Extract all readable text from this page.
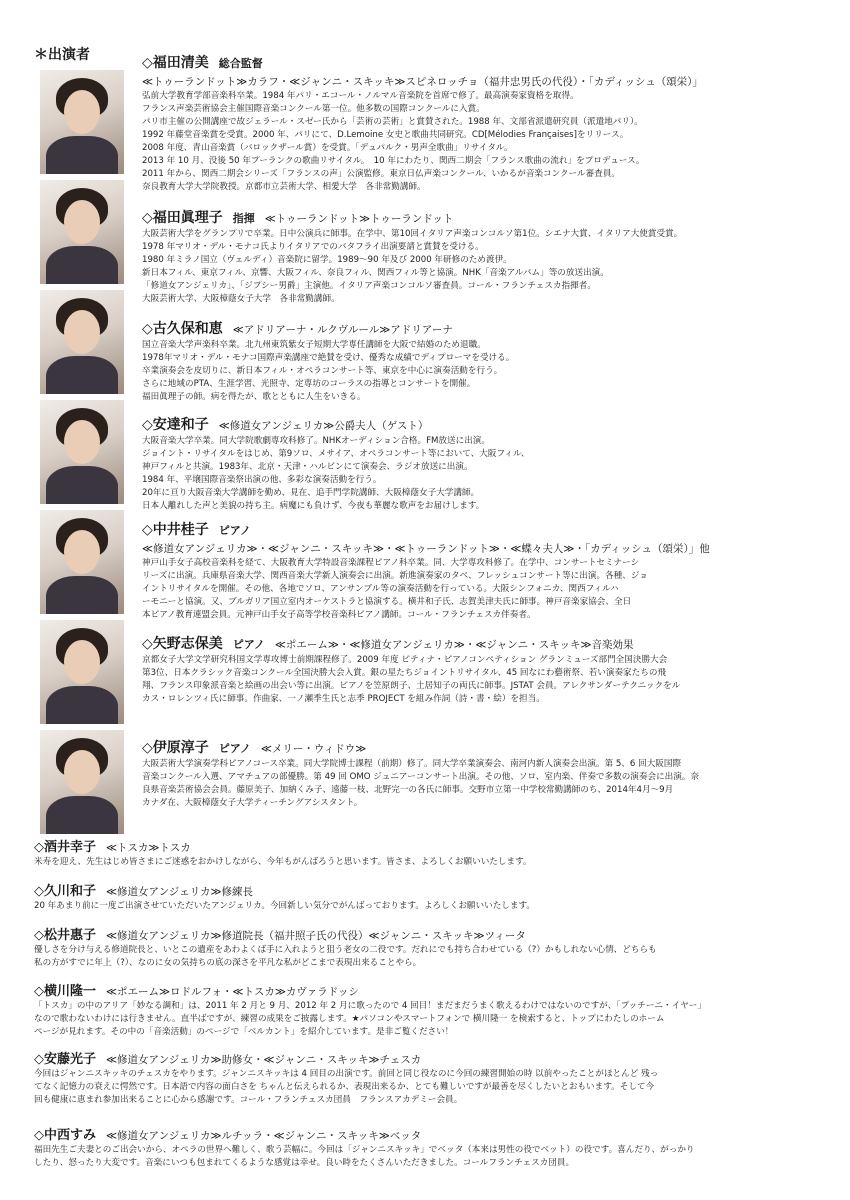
＊出演者	◇福田清美 総合監督
≪トゥーランドット≫カラフ・≪ジャンニ・スキッキ≫スピネロッチョ（福井忠男氏の代役）・「カディッシュ（頌栄）」
弘前大学教育学部音楽科卒業。1984 年パリ・エコール・ノルマル音楽院を首席で修了。最高演奏家資格を取得。
フランス声楽芸術協会主催国際音楽コンクール第一位。他多数の国際コンクールに入賞。
パリ市主催の公開講座で故ジェラール・スゼー氏から「芸術の芸術」と賞賛された。1988 年、文部省派遣研究員（派遣地パリ）。
1992 年藤堂音楽賞を受賞。2000 年、パリにて、D.Lemoine 女史と歌曲共同研究。CD[Mélodies Françaises]をリリース。
2008 年度、青山音楽賞（バロックザール賞）を受賞。「デュパルク・男声全歌曲」リサイタル。
2013 年 10 月、没後 50 年プーランクの歌曲リサイタル。　10 年にわたり、関西二期会「フランス歌曲の流れ」をプロデュース。
2011 年から、関西二期会シリーズ「フランスの声」公演監修。東京日仏声楽コンクール、いかるが音楽コンクール審査員。
奈良教育大学大学院教授。京都市立芸術大学、相愛大学　各非常勤講師。
◇福田眞理子 指揮 ≪トゥーランドット≫トゥーランドット
大阪芸術大学をグランプリで卒業。日中公演兵に師事。在学中、第10回イタリア声楽コンコルソ第1位。シエナ大賞、イタリア大使賞受賞。
1978 年マリオ・デル・モナコ氏よりイタリアでのバタフライ出演要請と賞賛を受ける。
1980 年ミラノ国立（ヴェルディ）音楽院に留学。1989～90 年及び 2000 年研修のため渡伊。
新日本フィル、東京フィル、京響、大阪フィル、奈良フィル、関西フィル等と協演。NHK「音楽アルバム」等の放送出演。
「修道女アンジェリカ」、「ジプシー男爵」主演他。イタリア声楽コンコルソ審査員。コール・フランチェスカ指揮者。
大阪芸術大学、大阪樟蔭女子大学　各非常勤講師。
◇古久保和恵 ≪アドリアーナ・ルクヴルール≫アドリアーナ
国立音楽大学声楽科卒業。北九州東筑紫女子短期大学専任講師を大阪で結婚のため退職。
1978年マリオ・デル・モナコ国際声楽講座で絶賛を受け、優秀な成績でディプローマを受ける。
卒業演奏会を皮切りに、新日本フィル・オペラコンサート等、東京を中心に演奏活動を行う。
さらに地域のPTA、生涯学習、光照寺、定専坊のコーラスの指導とコンサートを開催。
福田眞理子の師。病を得たが、歌とともに人生をいきる。
◇安達和子 ≪修道女アンジェリカ≫公爵夫人（ゲスト）
大阪音楽大学卒業。同大学院歌劇専攻科修了。NHKオーディション合格。FM放送に出演。
ジョイント・リサイタルをはじめ、第9ソロ、メサイア、オペラコンサート等において、大阪フィル、
神戸フィルと共演。1983年、北京・天津・ハルビンにて演奏会、ラジオ放送に出演。
1984 年、平壌国際音楽祭出演の他、多彩な演奏活動を行う。
20年に亘り大阪音楽大学講師を勤め、見在、追手門学院講師、大阪樟蔭女子大学講師。
日本人離れした声と美貌の持ち主。病魔にも負けず、今夜も華麗な歌声をお届けします。
◇中井桂子 ピアノ
≪修道女アンジェリカ≫・≪ジャンニ・スキッキ≫・≪トゥーランドット≫・≪蝶々夫人≫・「カディッシュ（頌栄）」他
神戸山手女子高校音楽科を経て、大阪教育大学特設音楽課程ピアノ科卒業。同、大学専攻科修了。在学中、コンサートセミナーシ
リーズに出演。兵庫県音楽大学、関西音楽大学新人演奏会に出演。新進演奏家のタベ、フレッシュコンサート等に出演。各種、ジョ
イントリサイタルを開催。その他、各地でソロ、アンサンブル等の演奏活動を行っている。大阪シンフォニカ、関西フィルハ
ーモニーと協演。又、ブルガリア国立室内オーケストラと協演する。横井和子氏、志賀美津夫氏に師事。神戸音楽家協会、全日
本ピアノ教育連盟会員。元神戸山手女子高等学校音楽科ピアノ講師。コール・フランチェスカ伴奏者。
◇矢野志保美 ピアノ ≪ポエーム≫・≪修道女アンジェリカ≫・≪ジャンニ・スキッキ≫音楽効果
京都女子大学文学研究科国文学専攻博士前期課程修了。2009 年度 ピティナ・ピアノコンペティション グランミューズ部門全国決勝大会
第3位、日本クラシック音楽コンクール全国決勝大会入賞。銀の星たちジョイントリサイタル、45 回なにわ藝術祭、若い演奏家たちの飛
翔、フランス印象派音楽と絵画の出会い等に出演。ピアノを笠原朗子、土居知子の両氏に師事。JSTAT 会員。アレクサンダーテクニックをル
カス・ロレンツィ氏に師事。作曲家、一ノ瀬季生氏と志季 PROJECT を組み作詞（詩・書・絵）を担当。
◇伊原淳子 ピアノ ≪メリー・ウィドウ≫
大阪芸術大学演奏学科ピアノコース卒業。同大学院博士課程（前期）修了。同大学卒業演奏会、南河内新人演奏会出演。第 5、6 回大阪国際
音楽コンクール入選、アマチュアの部優勝。第 49 回 OMO ジュニアーコンサート出演。その他、ソロ、室内楽、伴奏で多数の演奏会に出演。奈
良県音楽芸術協会会員。藤原美子、加納くみ子、遠藤一枝、北野完一の各氏に師事。交野市立第一中学校常勤講師のち、2014年4月～9月
カナダ在、大阪樟蔭女子大学ティーチングアシスタント。
◇酒井幸子 ≪トスカ≫トスカ
米寿を迎え、先生はじめ皆さまにご迷惑をおかけしながら、今年もがんばろうと思います。皆さま、よろしくお願いいたします。
◇久川和子 ≪修道女アンジェリカ≫修練長
20 年あまり前に一度ご出演させていただいたアンジェリカ。今回新しい気分でがんばっております。よろしくお願いいたします。
◇松井惠子 ≪修道女アンジェリカ≫修道院長（福井照子氏の代役）≪ジャンニ・スキッキ≫ツィータ
優しさを分け与える修道院長と、いとこの遺産をあわよくば手に入れようと狙う老女の二役です。だれにでも持ち合わせている（?）かもしれない心情、どちらも
私の方がすでに年上（?）、なのに女の気持ちの底の深さを平凡な私がどこまで表現出来ることやら。
◇横川隆一 ≪ポエーム≫ロドルフォ・≪トスカ≫カヴァラドッシ
「トスカ」の中のアリア「妙なる調和」は、2011 年 2 月と 9 月、2012 年 2 月に歌ったので 4 回目！まだまだうまく歌えるわけではないのですが、「プッチーニ・イヤー」
なので歌わないわけには行きません。直半ばですが、練習の成果をご披露します。★パソコンやスマートフォンで 横川隆一 を検索すると、トップにわたしのホーム
ページが見れます。その中の「音楽活動」のページで「ベルカント」を紹介しています。是非ご覧ください！
◇安藤光子 ≪修道女アンジェリカ≫助修女・≪ジャンニ・スキッキ≫チェスカ
今回はジャンニスキッキのチェスカをやります。ジャンニスキッキは 4 回目の出演です。前回と同じ役なのに今回の練習開始の時 以前やったことがほとんど 残っ
てなく記憶力の衰えに愕然です。日本語で内容の面白さを ちゃんと伝えられるか、表現出来るか、とても難しいですが最善を尽くしたいとおもいます。そして今
回も健康に恵まれ参加出来ることに心から感謝です。コール・フランチェスカ団員　フランスアカデミー会員。
◇中西すみ ≪修道女アンジェリカ≫ルチッラ・≪ジャンニ・スキッキ≫ベッタ
福田先生ご夫妻とのご出会いから、オペラの世界へ難しく、歌う芸幅に。今回は「ジャンニスキッキ」でベッタ（本来は男性の役でベット）の役です。喜んだり、がっかり
したり、怒ったり大変です。音楽にいつも包まれてくるような感覚は幸せ。良い時をたくさんいただきました。コールフランチェスカ団員。
